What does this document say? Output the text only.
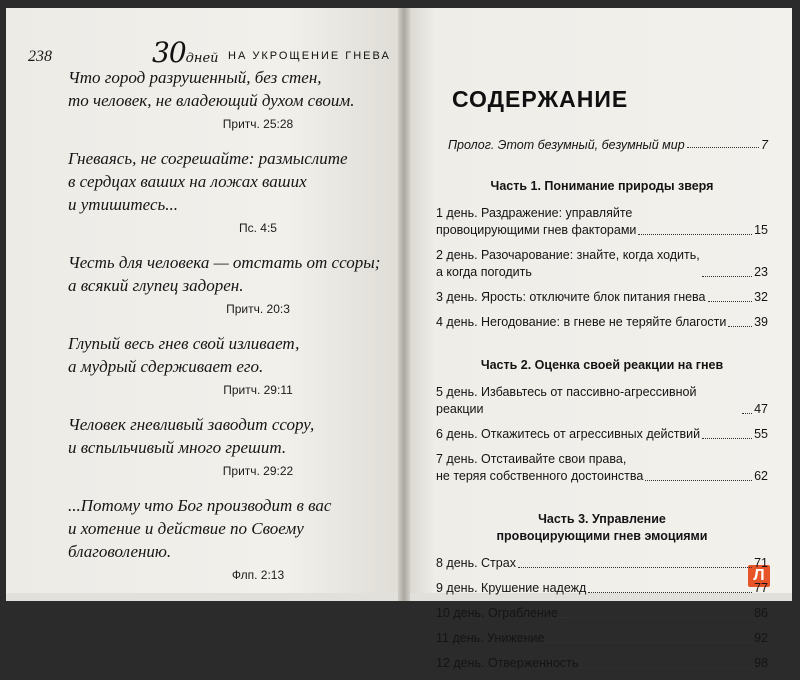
Л
238	30дней НА УКРОЩЕНИЕ ГНЕВА
Что город разрушенный, без стен,
то человек, не владеющий духом своим.
Притч. 25:28
Гневаясь, не согрешайте: размыслите
в сердцах ваших на ложах ваших
и утишитесь...
Пс. 4:5
Честь для человека — отстать от ссоры;
а всякий глупец задорен.
Притч. 20:3
Глупый весь гнев свой изливает,
а мудрый сдерживает его.
Притч. 29:11
Человек гневливый заводит ссору,
и вспыльчивый много грешит.
Притч. 29:22
...Потому что Бог производит в вас
и хотение и действие по Своему
благоволению.
Флп. 2:13
СОДЕРЖАНИЕ
Пролог. Этот безумный, безумный мир	7
Часть 1. Понимание природы зверя
1 день. Раздражение: управляйте
провоцирующими гнев факторами	15
2 день. Разочарование: знайте, когда ходить,
а когда погодить	23
3 день. Ярость: отключите блок питания гнева	32
4 день. Негодование: в гневе не теряйте благости 39
Часть 2. Оценка своей реакции на гнев
5 день. Избавьтесь от пассивно-агрессивной реакции	47
6 день. Откажитесь от агрессивных действий	55
7 день. Отстаивайте свои права,
не теряя собственного достоинства	62
Часть 3. Управление
провоцирующими гнев эмоциями
8 день. Страх	71
9 день. Крушение надежд	77
10 день. Ограбление	86
11 день. Унижение	92
12 день. Отверженность	98
